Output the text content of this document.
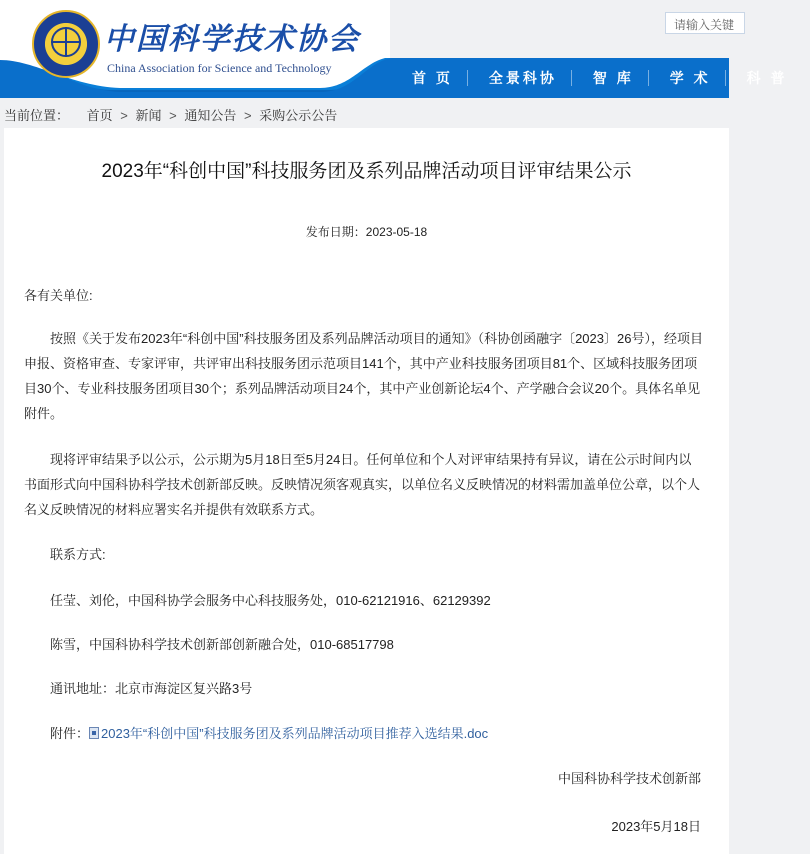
中国科学技术协会
China Association for Science and Technology
请输入关键
首 页	全景科协	智 库	学 术	科 普
当前位置： 首页 > 新闻 > 通知公告 > 采购公示公告
2023年“科创中国”科技服务团及系列品牌活动项目评审结果公示
发布日期：2023-05-18

各有关单位:

按照《关于发布2023年“科创中国”科技服务团及系列品牌活动项目的通知》（科协创函融字〔2023〕26号），经项目申报、资格审查、专家评审，共评审出科技服务团示范项目141个，其中产业科技服务团项目81个、区域科技服务团项目30个、专业科技服务团项目30个；系列品牌活动项目24个，其中产业创新论坛4个、产学融合会议20个。具体名单见附件。

现将评审结果予以公示，公示期为5月18日至5月24日。任何单位和个人对评审结果持有异议，请在公示时间内以书面形式向中国科协科学技术创新部反映。反映情况须客观真实，以单位名义反映情况的材料需加盖单位公章，以个人名义反映情况的材料应署实名并提供有效联系方式。

联系方式:

任莹、刘伦，中国科协学会服务中心科技服务处，010-62121916、62129392

陈雪，中国科协科学技术创新部创新融合处，010-68517798

通讯地址：北京市海淀区复兴路3号

附件： 2023年“科创中国”科技服务团及系列品牌活动项目推荐入选结果.doc

中国科协科学技术创新部
2023年5月18日
